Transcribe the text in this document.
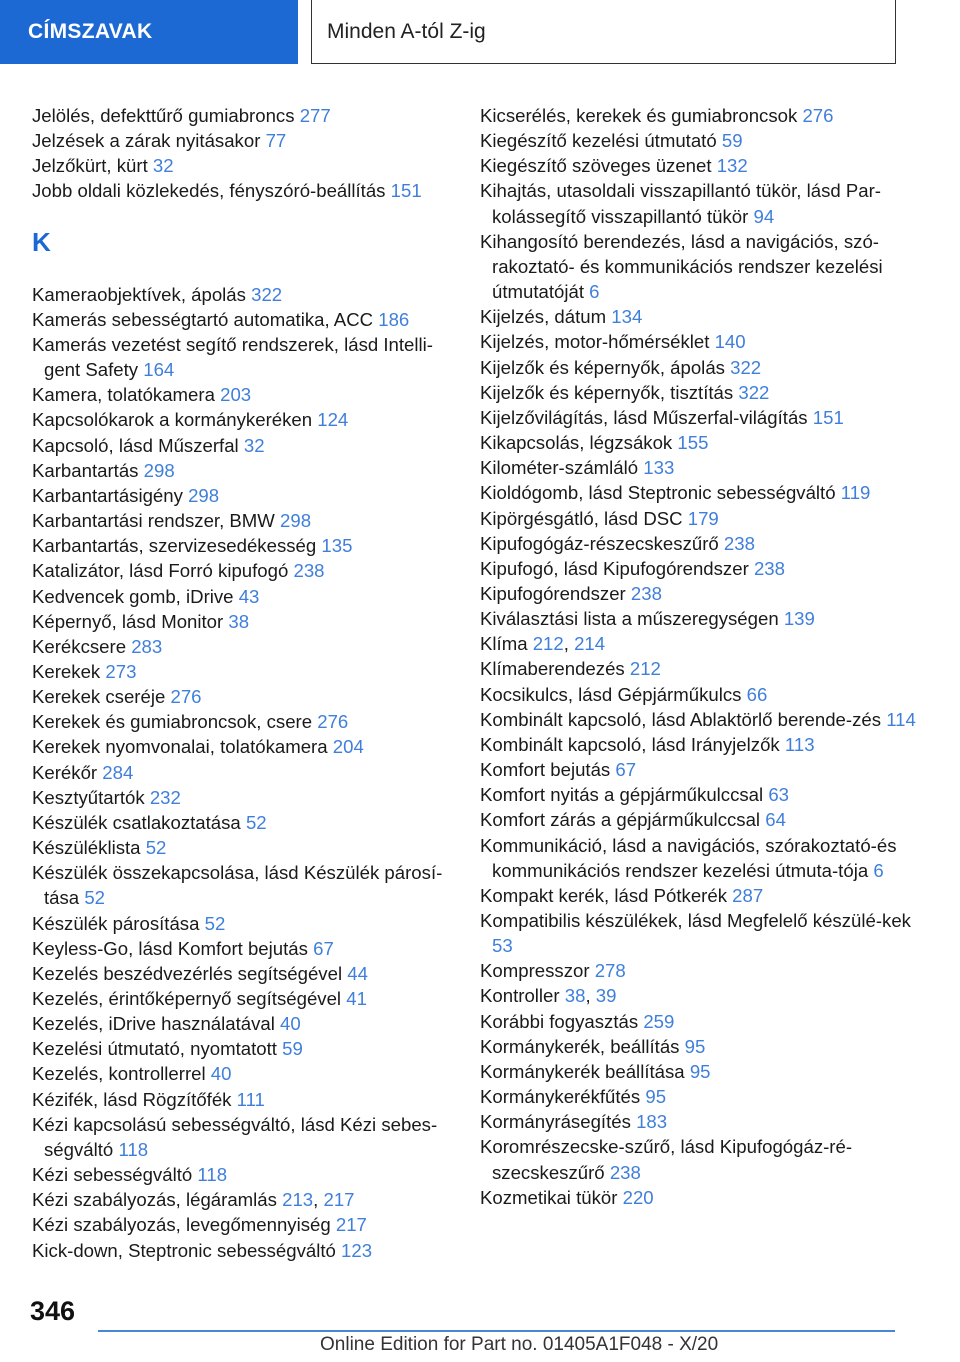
CÍMSZAVAK	Minden A-tól Z-ig
Jelölés, defekttűrő gumiabroncs 277
Jelzések a zárak nyitásakor 77
Jelzőkürt, kürt 32
Jobb oldali közlekedés, fényszóró-beállítás 151
K
Kameraobjektívek, ápolás 322
Kamerás sebességtartó automatika, ACC 186
Kamerás vezetést segítő rendszerek, lásd Intelli-gent Safety 164
Kamera, tolatókamera 203
Kapcsolókarok a kormánykeréken 124
Kapcsoló, lásd Műszerfal 32
Karbantartás 298
Karbantartásigény 298
Karbantartási rendszer, BMW 298
Karbantartás, szervizesedékesség 135
Katalizátor, lásd Forró kipufogó 238
Kedvencek gomb, iDrive 43
Képernyő, lásd Monitor 38
Kerékcsere 283
Kerekek 273
Kerekek cseréje 276
Kerekek és gumiabroncsok, csere 276
Kerekek nyomvonalai, tolatókamera 204
Kerékőr 284
Kesztyűtartók 232
Készülék csatlakoztatása 52
Készüléklista 52
Készülék összekapcsolása, lásd Készülék párosí-tása 52
Készülék párosítása 52
Keyless-Go, lásd Komfort bejutás 67
Kezelés beszédvezérlés segítségével 44
Kezelés, érintőképernyő segítségével 41
Kezelés, iDrive használatával 40
Kezelési útmutató, nyomtatott 59
Kezelés, kontrollerrel 40
Kézifék, lásd Rögzítőfék 111
Kézi kapcsolású sebességváltó, lásd Kézi sebes-ségváltó 118
Kézi sebességváltó 118
Kézi szabályozás, légáramlás 213, 217
Kézi szabályozás, levegőmennyiség 217
Kick-down, Steptronic sebességváltó 123
Kicserélés, kerekek és gumiabroncsok 276
Kiegészítő kezelési útmutató 59
Kiegészítő szöveges üzenet 132
Kihajtás, utasoldali visszapillantó tükör, lásd Par-kolássegítő visszapillantó tükör 94
Kihangosító berendezés, lásd a navigációs, szó-rakoztató- és kommunikációs rendszer kezelési útmutatóját 6
Kijelzés, dátum 134
Kijelzés, motor-hőmérséklet 140
Kijelzők és képernyők, ápolás 322
Kijelzők és képernyők, tisztítás 322
Kijelzővilágítás, lásd Műszerfal-világítás 151
Kikapcsolás, légzsákok 155
Kilométer-számláló 133
Kioldógomb, lásd Steptronic sebességváltó 119
Kipörgésgátló, lásd DSC 179
Kipufogógáz-részecskeszűrő 238
Kipufogó, lásd Kipufogórendszer 238
Kipufogórendszer 238
Kiválasztási lista a műszeregységen 139
Klíma 212, 214
Klímaberendezés 212
Kocsikulcs, lásd Gépjárműkulcs 66
Kombinált kapcsoló, lásd Ablaktörlő berende-zés 114
Kombinált kapcsoló, lásd Irányjelzők 113
Komfort bejutás 67
Komfort nyitás a gépjárműkulccsal 63
Komfort zárás a gépjárműkulccsal 64
Kommunikáció, lásd a navigációs, szórakoztató-és kommunikációs rendszer kezelési útmuta-tója 6
Kompakt kerék, lásd Pótkerék 287
Kompatibilis készülékek, lásd Megfelelő készülé-kek 53
Kompresszor 278
Kontroller 38, 39
Korábbi fogyasztás 259
Kormánykerék, beállítás 95
Kormánykerék beállítása 95
Kormánykerékfűtés 95
Kormányrásegítés 183
Koromrészecske-szűrő, lásd Kipufogógáz-ré-szecskeszűrő 238
Kozmetikai tükör 220
346
Online Edition for Part no. 01405A1F048 - X/20
